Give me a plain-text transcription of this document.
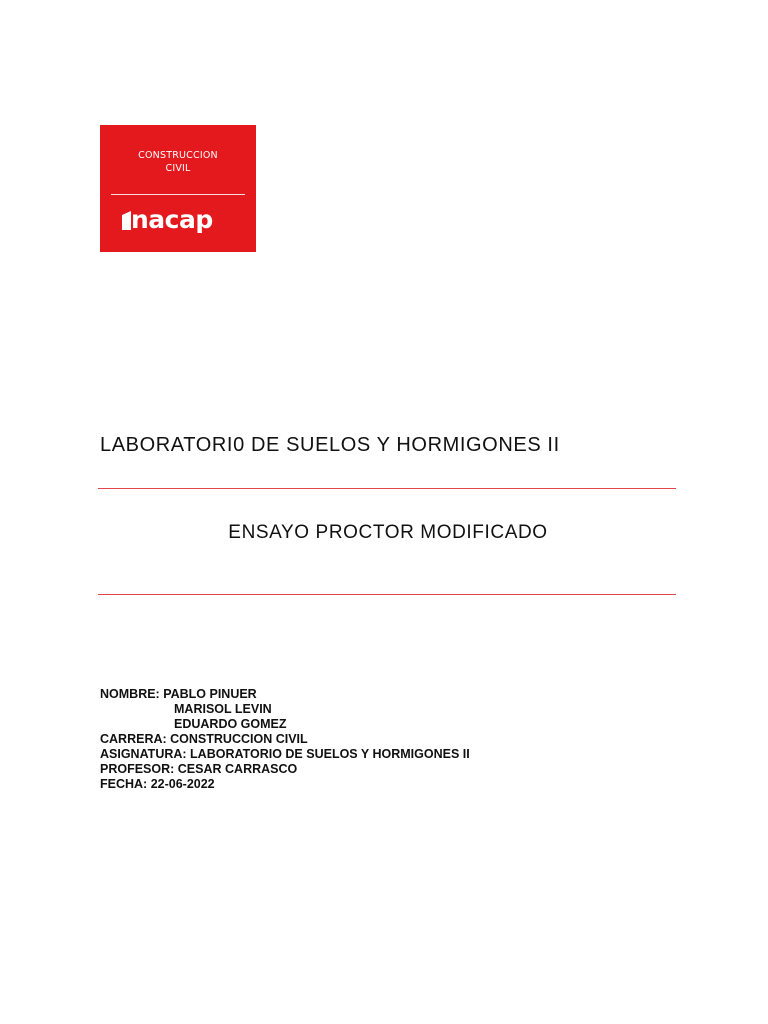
CONSTRUCCION
CIVIL
nacap
LABORATORI0 DE SUELOS Y HORMIGONES II
ENSAYO PROCTOR MODIFICADO
NOMBRE: PABLO PINUER
MARISOL LEVIN
EDUARDO GOMEZ
CARRERA: CONSTRUCCION CIVIL
ASIGNATURA: LABORATORIO DE SUELOS Y HORMIGONES II
PROFESOR: CESAR CARRASCO
FECHA: 22-06-2022
